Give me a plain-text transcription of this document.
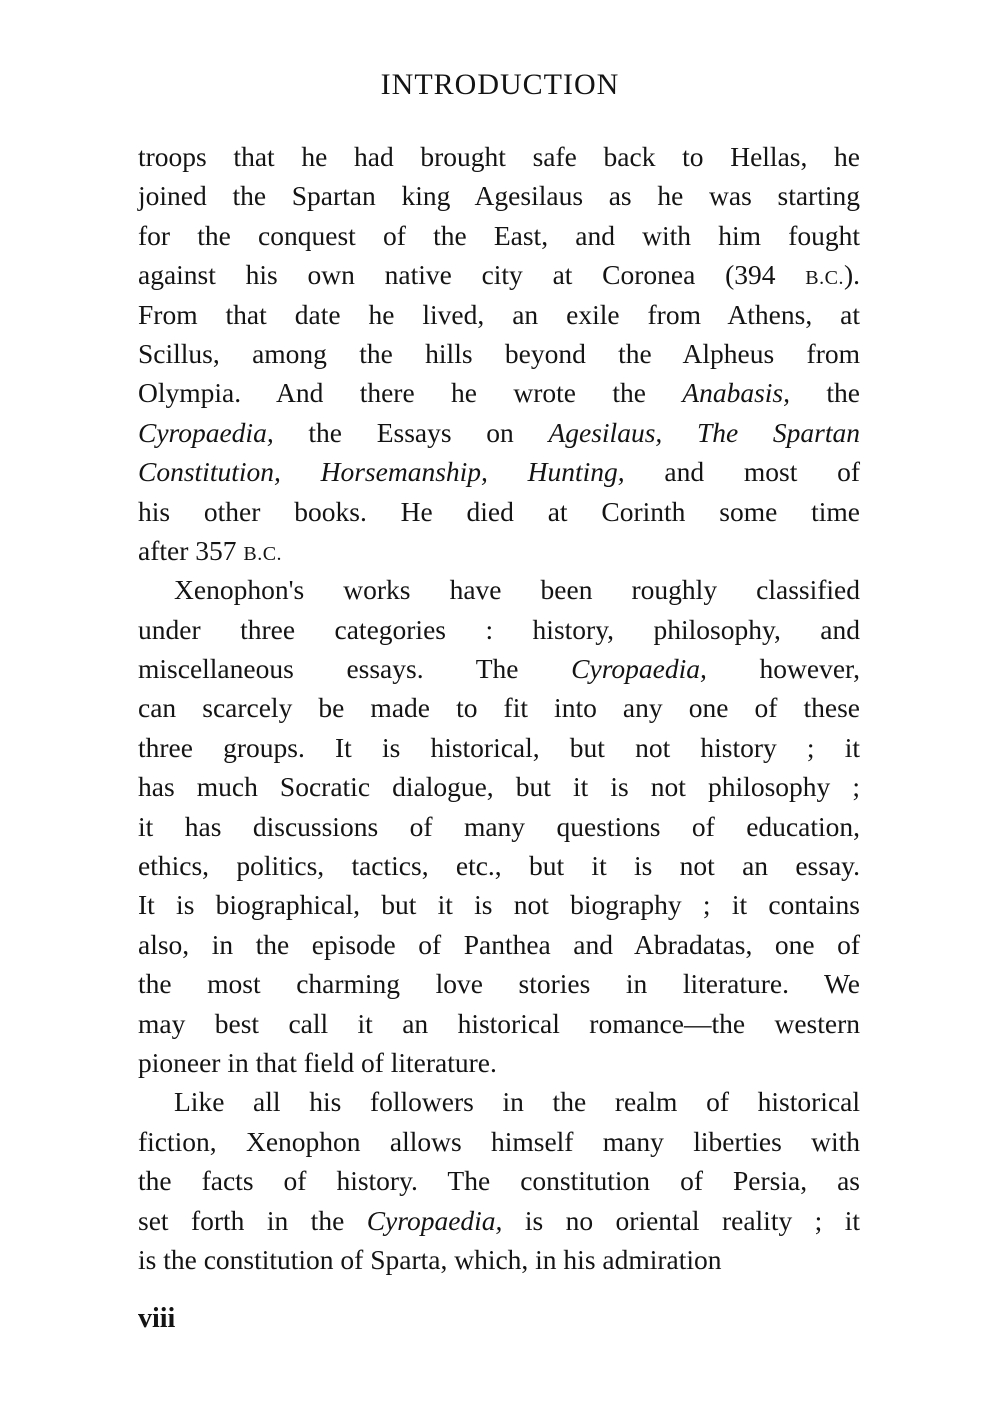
INTRODUCTION
troops that he had brought safe back to Hellas, he
joined the Spartan king Agesilaus as he was starting
for the conquest of the East, and with him fought
against his own native city at Coronea (394 B.C.).
From that date he lived, an exile from Athens, at
Scillus, among the hills beyond the Alpheus from
Olympia. And there he wrote the Anabasis, the
Cyropaedia, the Essays on Agesilaus, The Spartan
Constitution, Horsemanship, Hunting, and most of
his other books. He died at Corinth some time
after 357 B.C.
Xenophon's works have been roughly classified
under three categories : history, philosophy, and
miscellaneous essays. The Cyropaedia, however,
can scarcely be made to fit into any one of these
three groups. It is historical, but not history ; it
has much Socratic dialogue, but it is not philosophy ;
it has discussions of many questions of education,
ethics, politics, tactics, etc., but it is not an essay.
It is biographical, but it is not biography ; it contains
also, in the episode of Panthea and Abradatas, one of
the most charming love stories in literature. We
may best call it an historical romance—the western
pioneer in that field of literature.
Like all his followers in the realm of historical
fiction, Xenophon allows himself many liberties with
the facts of history. The constitution of Persia, as
set forth in the Cyropaedia, is no oriental reality ; it
is the constitution of Sparta, which, in his admiration
viii
